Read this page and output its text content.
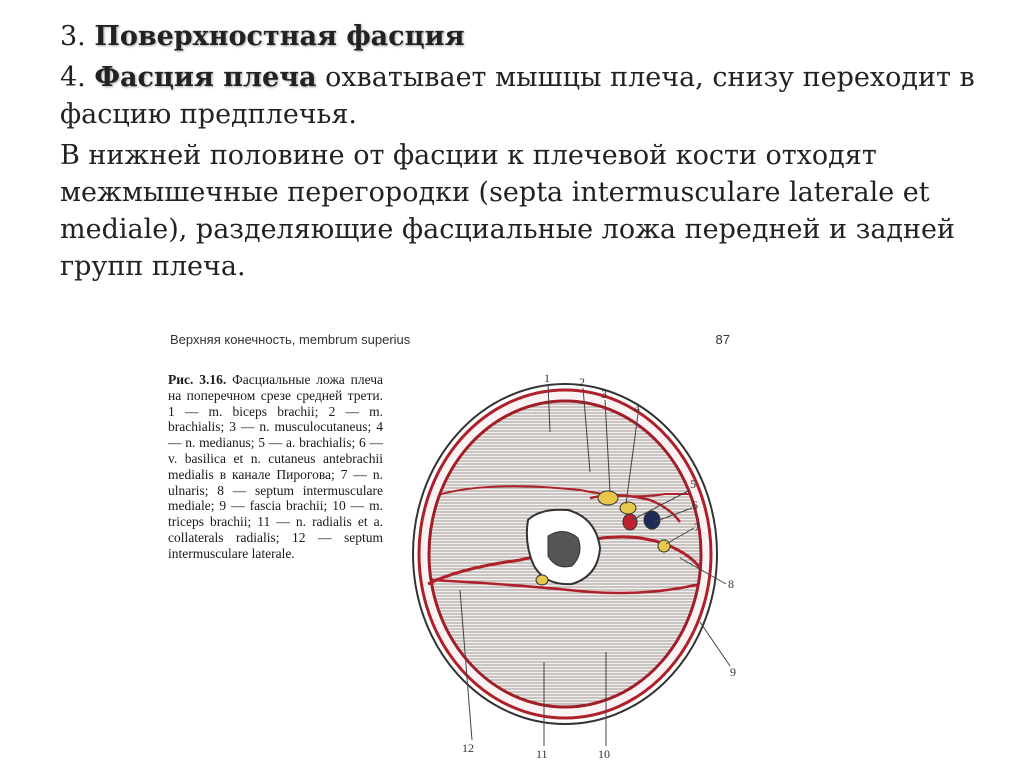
3. Поверхностная фасция

4. Фасция плеча охватывает мышцы плеча, снизу переходит в фасцию предплечья.

В нижней половине от фасции к плечевой кости отходят межмышечные перегородки (septa intermusculare lateralе et mediale), разделяющие фасциальные ложа передней и задней групп плеча.

Верхняя конечность, membrum superius	87
Рис. 3.16. Фасциальные ложа плеча на поперечном срезе средней трети. 1 — m. biceps brachii; 2 — m. brachialis; 3 — n. musculocutaneus; 4 — n. medianus; 5 — a. brachialis; 6 — v. basilica et n. cutaneus antebrachii medialis в канале Пирогова; 7 — n. ulnaris; 8 — septum intermusculare mediale; 9 — fascia brachii; 10 — m. triceps brachii; 11 — n. radialis et a. collaterals radialis; 12 — septum intermusculare laterale.
1 2
3
4
5
6
7
8
9
10
11
12
